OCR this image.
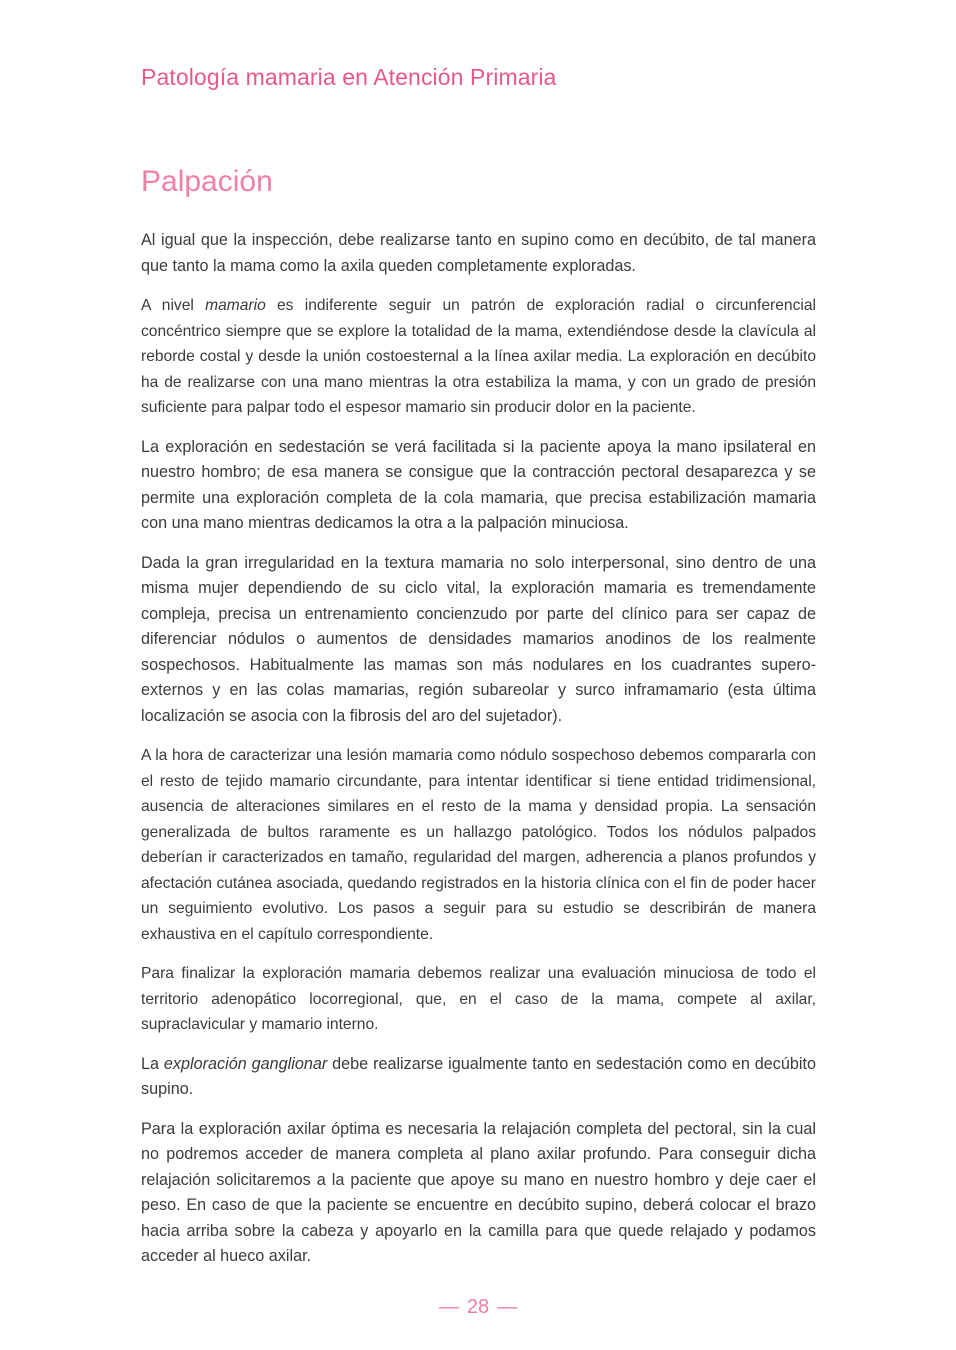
Patología mamaria en Atención Primaria
Palpación

Al igual que la inspección, debe realizarse tanto en supino como en decúbito, de tal manera que tanto la mama como la axila queden completamente exploradas.

A nivel mamario es indiferente seguir un patrón de exploración radial o circunferencial concéntrico siempre que se explore la totalidad de la mama, extendiéndose desde la clavícula al reborde costal y desde la unión costoesternal a la línea axilar media. La exploración en decúbito ha de realizarse con una mano mientras la otra estabiliza la mama, y con un grado de presión suficiente para palpar todo el espesor mamario sin producir dolor en la paciente.

La exploración en sedestación se verá facilitada si la paciente apoya la mano ipsilateral en nuestro hombro; de esa manera se consigue que la contracción pectoral desaparezca y se permite una exploración completa de la cola mamaria, que precisa estabilización mamaria con una mano mientras dedicamos la otra a la palpación minuciosa.

Dada la gran irregularidad en la textura mamaria no solo interpersonal, sino dentro de una misma mujer dependiendo de su ciclo vital, la exploración mamaria es tremendamente compleja, precisa un entrenamiento concienzudo por parte del clínico para ser capaz de diferenciar nódulos o aumentos de densidades mamarios anodinos de los realmente sospechosos. Habitualmente las mamas son más nodulares en los cuadrantes supero-externos y en las colas mamarias, región subareolar y surco inframamario (esta última localización se asocia con la fibrosis del aro del sujetador).

A la hora de caracterizar una lesión mamaria como nódulo sospechoso debemos compararla con el resto de tejido mamario circundante, para intentar identificar si tiene entidad tridimensional, ausencia de alteraciones similares en el resto de la mama y densidad propia. La sensación generalizada de bultos raramente es un hallazgo patológico. Todos los nódulos palpados deberían ir caracterizados en tamaño, regularidad del margen, adherencia a planos profundos y afectación cutánea asociada, quedando registrados en la historia clínica con el fin de poder hacer un seguimiento evolutivo. Los pasos a seguir para su estudio se describirán de manera exhaustiva en el capítulo correspondiente.

Para finalizar la exploración mamaria debemos realizar una evaluación minuciosa de todo el territorio adenopático locorregional, que, en el caso de la mama, compete al axilar, supraclavicular y mamario interno.

La exploración ganglionar debe realizarse igualmente tanto en sedestación como en decúbito supino.

Para la exploración axilar óptima es necesaria la relajación completa del pectoral, sin la cual no podremos acceder de manera completa al plano axilar profundo. Para conseguir dicha relajación solicitaremos a la paciente que apoye su mano en nuestro hombro y deje caer el peso. En caso de que la paciente se encuentre en decúbito supino, deberá colocar el brazo hacia arriba sobre la cabeza y apoyarlo en la camilla para que quede relajado y podamos acceder al hueco axilar.

— 28 —
